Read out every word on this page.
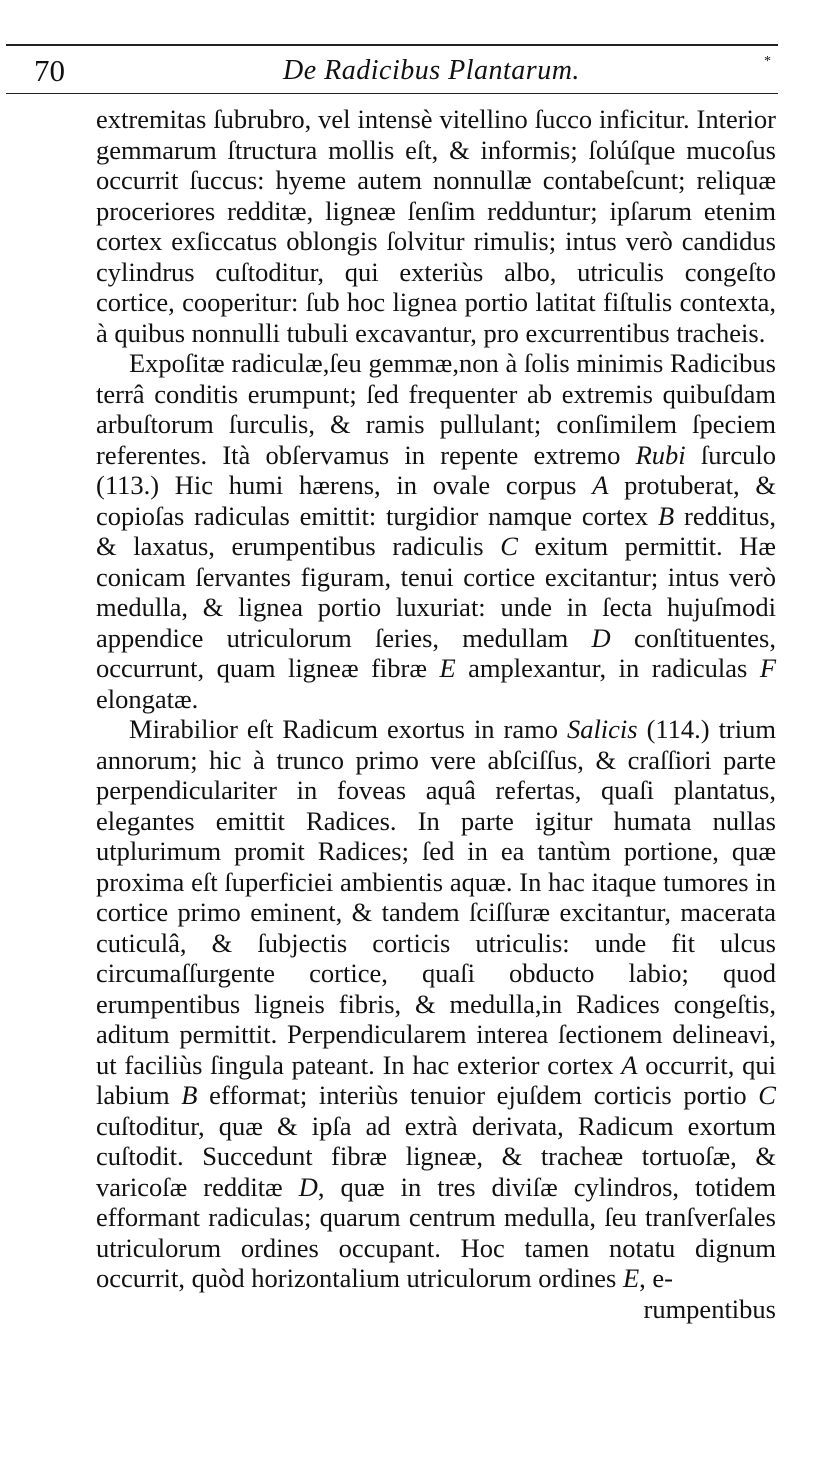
70	De Radicibus Plantarum.	*

extremitas ſubrubro, vel intensè vitellino ſucco inficitur. Interior gemmarum ſtructura mollis eſt, & informis; ſolúſque mucoſus occurrit ſuccus: hyeme autem nonnullæ contabeſcunt; reliquæ proceriores redditæ, ligneæ ſenſim redduntur; ipſarum etenim cortex exſiccatus oblongis ſolvitur rimulis; intus verò candidus cylindrus cuſtoditur, qui exteriùs albo, utriculis congeſto cortice, cooperitur: ſub hoc lignea portio latitat fiſtulis contexta, à quibus nonnulli tubuli excavantur, pro excurrentibus tracheis.

Expoſitæ radiculæ,ſeu gemmæ,non à ſolis minimis Radicibus terrâ conditis erumpunt; ſed frequenter ab extremis quibuſdam arbuſtorum ſurculis, & ramis pullulant; conſimilem ſpeciem referentes. Ità obſervamus in repente extremo Rubi ſurculo (113.) Hic humi hærens, in ovale corpus A protuberat, & copioſas radiculas emittit: turgidior namque cortex B redditus, & laxatus, erumpentibus radiculis C exitum permittit. Hæ conicam ſervantes figuram, tenui cortice excitantur; intus verò medulla, & lignea portio luxuriat: unde in ſecta hujuſmodi appendice utriculorum ſeries, medullam D conſtituentes, occurrunt, quam ligneæ fibræ E amplexantur, in radiculas F elongatæ.

Mirabilior eſt Radicum exortus in ramo Salicis (114.) trium annorum; hic à trunco primo vere abſciſſus, & craſſiori parte perpendiculariter in foveas aquâ refertas, quaſi plantatus, elegantes emittit Radices. In parte igitur humata nullas utplurimum promit Radices; ſed in ea tantùm portione, quæ proxima eſt ſuperficiei ambientis aquæ. In hac itaque tumores in cortice primo eminent, & tandem ſciſſuræ excitantur, macerata cuticulâ, & ſubjectis corticis utriculis: unde fit ulcus circumaſſurgente cortice, quaſi obducto labio; quod erumpentibus ligneis fibris, & medulla,in Radices congeſtis, aditum permittit. Perpendicularem interea ſectionem delineavi, ut faciliùs ſingula pateant. In hac exterior cortex A occurrit, qui labium B efformat; interiùs tenuior ejuſdem corticis portio C cuſtoditur, quæ & ipſa ad extrà derivata, Radicum exortum cuſtodit. Succedunt fibræ ligneæ, & tracheæ tortuoſæ, & varicoſæ redditæ D, quæ in tres diviſæ cylindros, totidem efformant radiculas; quarum centrum medulla, ſeu tranſverſales utriculorum ordines occupant. Hoc tamen notatu dignum occurrit, quòd horizontalium utriculorum ordines E, e-

rumpentibus
